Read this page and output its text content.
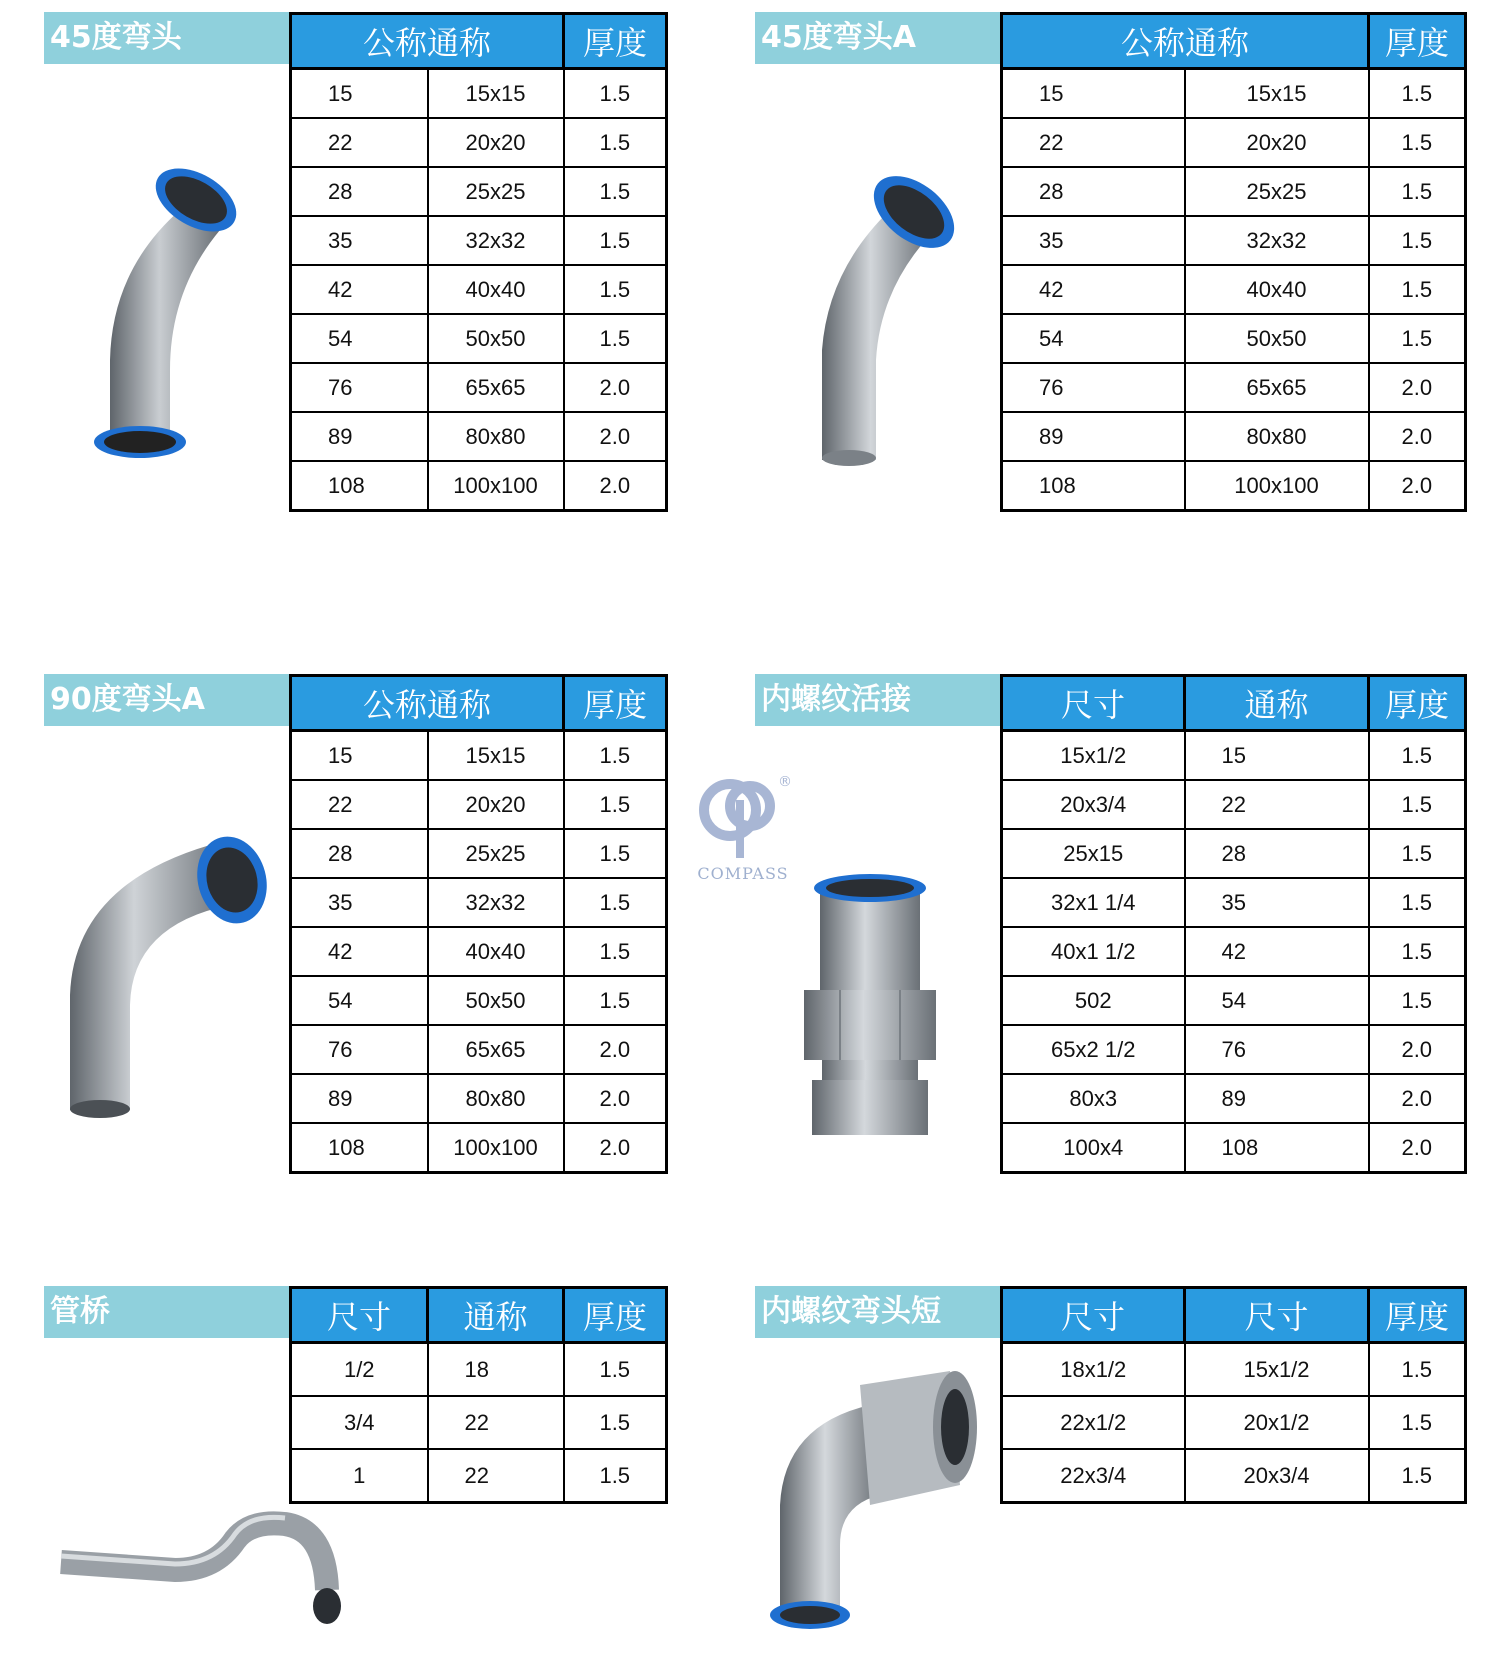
45度弯头	公称通称		厚度
15	15x15	1.5
22	20x20	1.5
28	25x25	1.5
35	32x32	1.5
42	40x40	1.5
54	50x50	1.5
76	65x65	2.0
89	80x80	2.0
108	100x100	2.0
45度弯头A	公称通称		厚度
15	15x15	1.5
22	20x20	1.5
28	25x25	1.5
35	32x32	1.5
42	40x40	1.5
54	50x50	1.5
76	65x65	2.0
89	80x80	2.0
108	100x100	2.0
90度弯头A	公称通称		厚度
15	15x15	1.5
22	20x20	1.5
28	25x25	1.5
35	32x32	1.5
42	40x40	1.5
54	50x50	1.5
76	65x65	2.0
89	80x80	2.0
108	100x100	2.0
®
COMPASS
内螺纹活接	尺寸	通称	厚度
15x1/2	15	1.5
20x3/4	22	1.5
25x15	28	1.5
32x1 1/4	35	1.5
40x1 1/2	42	1.5
502	54	1.5
65x2 1/2	76	2.0
80x3	89	2.0
100x4	108	2.0
管桥	尺寸	通称	厚度
1/2	18	1.5
3/4	22	1.5
1	22	1.5
内螺纹弯头短	尺寸	尺寸	厚度
18x1/2	15x1/2	1.5
22x1/2	20x1/2	1.5
22x3/4	20x3/4	1.5
